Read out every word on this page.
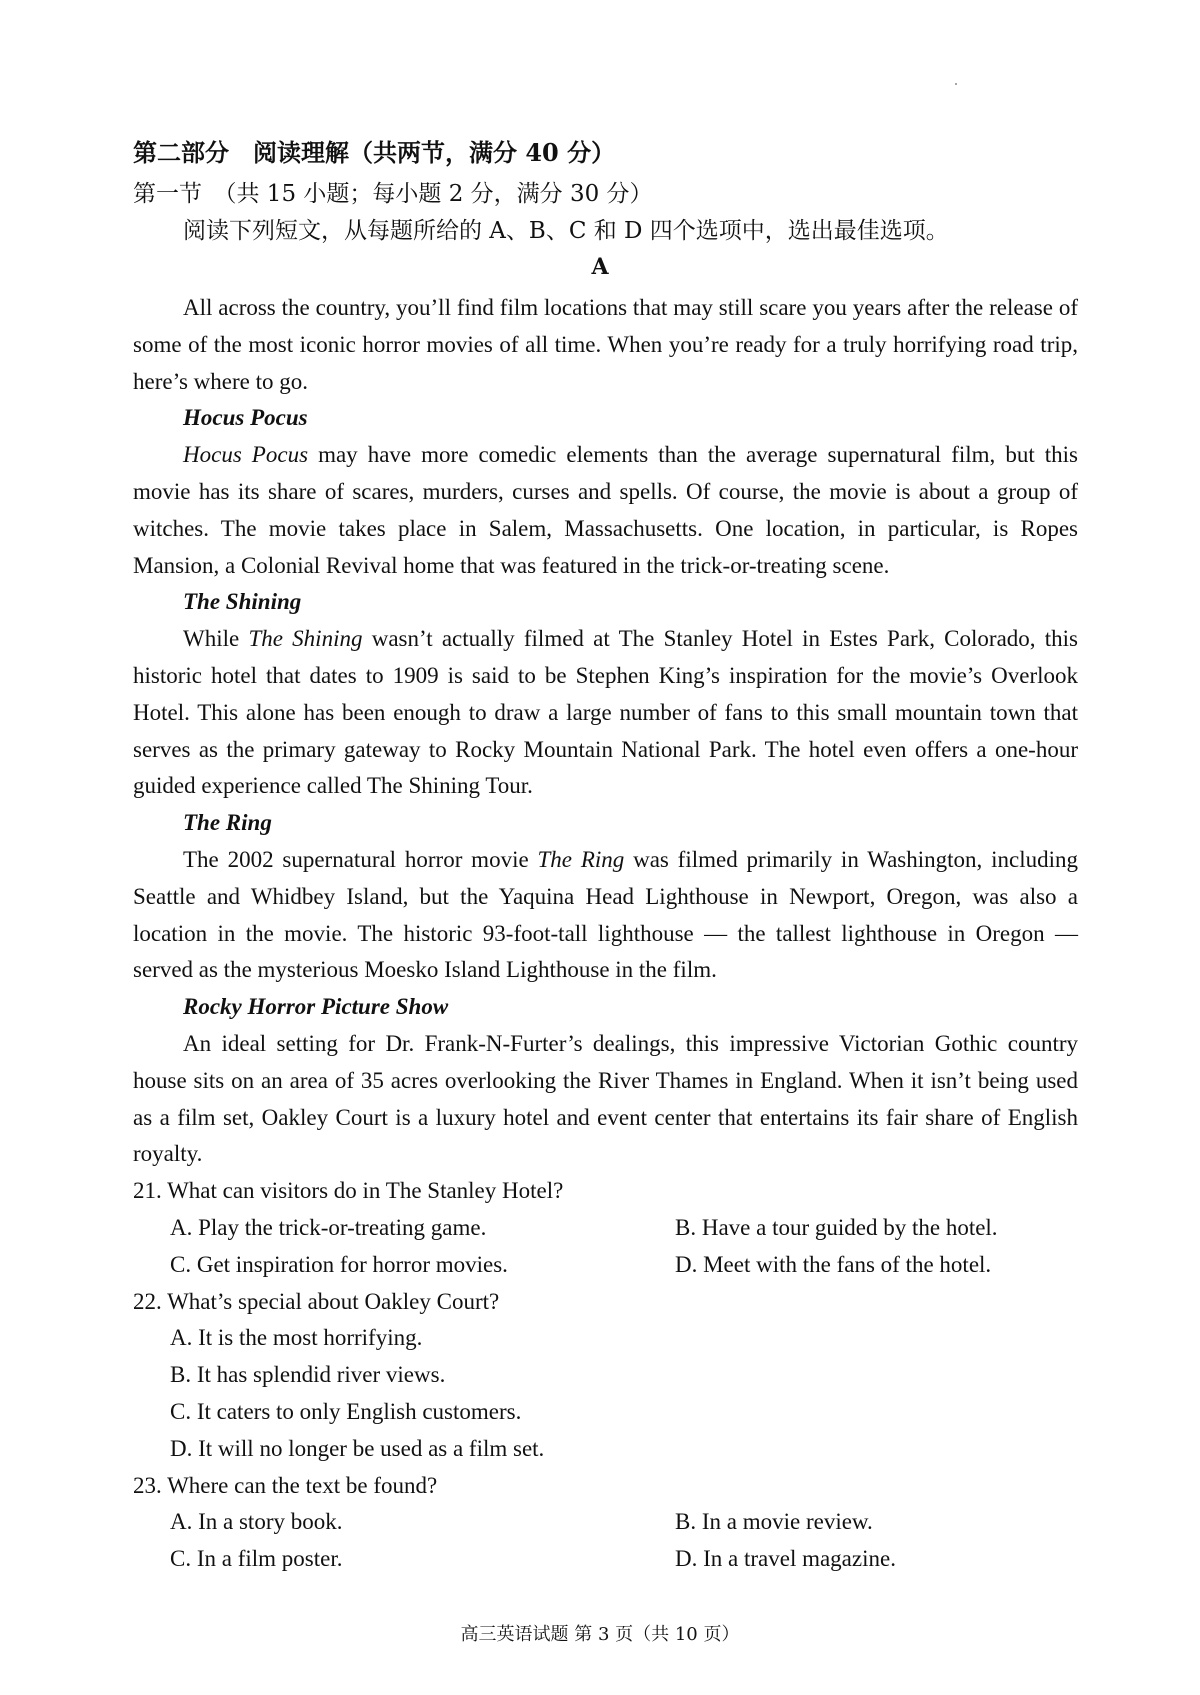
第二部分　阅读理解（共两节，满分 40 分）
第一节　（共 15 小题；每小题 2 分，满分 30 分）
阅读下列短文，从每题所给的 A、B、C 和 D 四个选项中，选出最佳选项。
A

All across the country, you’ll find film locations that may still scare you years after the release of some of the most iconic horror movies of all time. When you’re ready for a truly horrifying road trip, here’s where to go.

Hocus Pocus

Hocus Pocus may have more comedic elements than the average supernatural film, but this movie has its share of scares, murders, curses and spells. Of course, the movie is about a group of witches. The movie takes place in Salem, Massachusetts. One location, in particular, is Ropes Mansion, a Colonial Revival home that was featured in the trick-or-treating scene.

The Shining

While The Shining wasn’t actually filmed at The Stanley Hotel in Estes Park, Colorado, this historic hotel that dates to 1909 is said to be Stephen King’s inspiration for the movie’s Overlook Hotel. This alone has been enough to draw a large number of fans to this small mountain town that serves as the primary gateway to Rocky Mountain National Park. The hotel even offers a one-hour guided experience called The Shining Tour.

The Ring

The 2002 supernatural horror movie The Ring was filmed primarily in Washington, including Seattle and Whidbey Island, but the Yaquina Head Lighthouse in Newport, Oregon, was also a location in the movie. The historic 93-foot-tall lighthouse — the tallest lighthouse in Oregon — served as the mysterious Moesko Island Lighthouse in the film.

Rocky Horror Picture Show

An ideal setting for Dr. Frank-N-Furter’s dealings, this impressive Victorian Gothic country house sits on an area of 35 acres overlooking the River Thames in England. When it isn’t being used as a film set, Oakley Court is a luxury hotel and event center that entertains its fair share of English royalty.

21. What can visitors do in The Stanley Hotel?

A. Play the trick-or-treating game.	B. Have a tour guided by the hotel.
C. Get inspiration for horror movies.	D. Meet with the fans of the hotel.

22. What’s special about Oakley Court?

A. It is the most horrifying.

B. It has splendid river views.

C. It caters to only English customers.

D. It will no longer be used as a film set.

23. Where can the text be found?

A. In a story book.	B. In a movie review.
C. In a film poster.	D. In a travel magazine.
高三英语试题 第 3 页（共 10 页）
